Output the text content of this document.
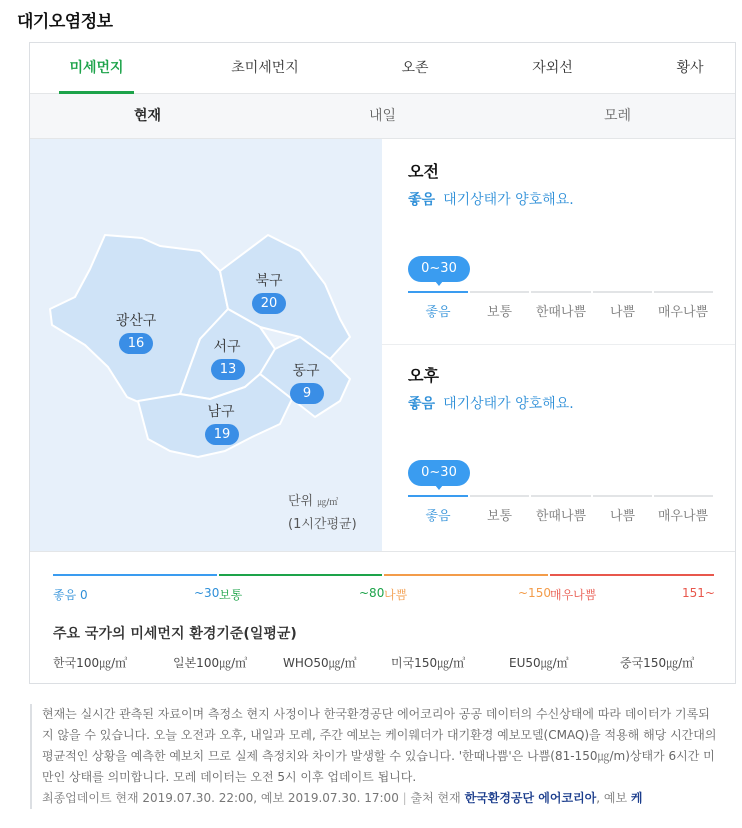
대기오염정보
미세먼지	초미세먼지	오존	자외선	황사
현재	내일	모레
광산구
16
북구
20
서구
13	동구
9
남구
19
단위 ㎍/㎥
(1시간평균)
오전
좋음 대기상태가 양호해요.
0~30
좋음	보통	한때나쁨	나쁨	매우나쁨
오후
좋음 대기상태가 양호해요.
0~30
좋음	보통	한때나쁨	나쁨	매우나쁨
좋음 0	~30 보통	~80 나쁨	~150 매우나쁨	151~
주요 국가의 미세먼지 환경기준(일평균)
한국100㎍/㎥	일본100㎍/㎥	WHO50㎍/㎥	미국150㎍/㎥	EU50㎍/㎥	중국150㎍/㎥
현재는 실시간 관측된 자료이며 측정소 현지 사정이나 한국환경공단 에어코리아 공공 데이터의 수신상태에 따라 데이터가 기록되지 않을 수 있습니다. 오늘 오전과 오후, 내일과 모레, 주간 예보는 케이웨더가 대기환경 예보모델(CMAQ)을 적용해 해당 시간대의 평균적인 상황을 예측한 예보치 므로 실제 측정치와 차이가 발생할 수 있습니다. '한때나쁨'은 나쁨(81-150㎍/m)상태가 6시간 미만인 상태를 의미합니다. 모레 데이터는 오전 5시 이후 업데이트 됩니다.
최종업데이트 현재 2019.07.30. 22:00, 예보 2019.07.30. 17:00 | 출처 현재 한국환경공단 에어코리아, 예보 케
